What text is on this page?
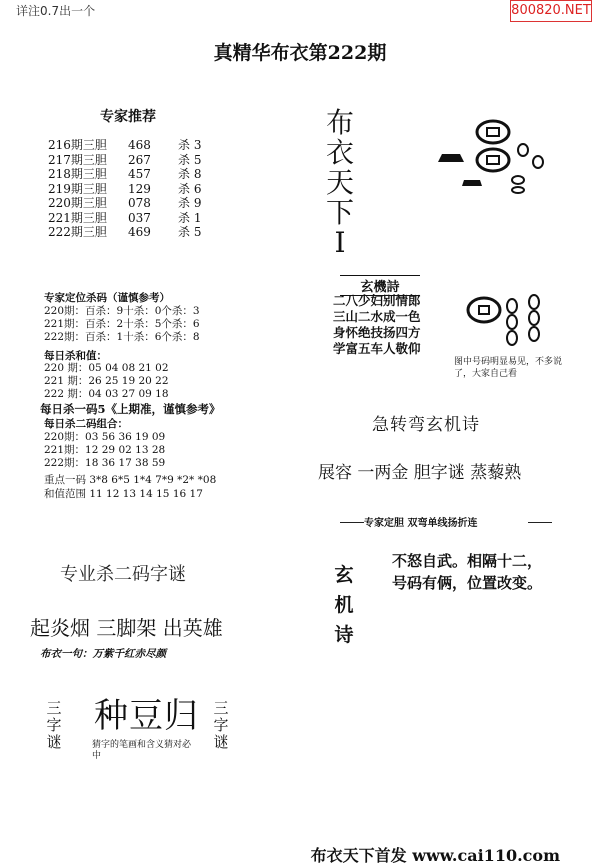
详注0.7出一个	800820.NET
真精华布衣第222期
专家推荐
216期三胆 468 杀 3
217期三胆 267 杀 5
218期三胆 457 杀 8
219期三胆 129 杀 6
220期三胆 078 杀 9
221期三胆 037 杀 1
222期三胆 469 杀 5
专家定位杀码（谨慎参考）
220期：百杀：9十杀：0个杀：3
221期：百杀：2十杀：5个杀：6
222期：百杀：1十杀：6个杀：8
每日杀和值：
220 期：05 04 08 21 02
221 期：26 25 19 20 22
222 期：04 03 27 09 18
每日杀一码5《上期准，谨慎参考》
每日杀二码组合：
220期：03 56 36 19 09
221期：12 29 02 13 28
222期：18 36 17 38 59
重点一码 3*8 6*5 1*4 7*9 *2* *08
和值范围 11 12 13 14 15 16 17
专业杀二码字谜
起炎烟 三脚架 出英雄
布衣一句：万紫千红赤尽颜
三字谜
种豆归 三字谜
猜字的笔画和含义猜对必中
布衣天下I
玄機詩
二八少妇别情郎
三山二水成一色
身怀绝技扬四方
学富五车人敬仰
图中号码明显易见，不多说了，大家自己看
急转弯玄机诗
展容 一两金 胆字谜 蒸藜熟
专家定胆 双弯单线扬折连
玄机诗
不怒自武。相隔十二，
号码有俩，位置改变。
布衣天下首发 www.cai110.com
